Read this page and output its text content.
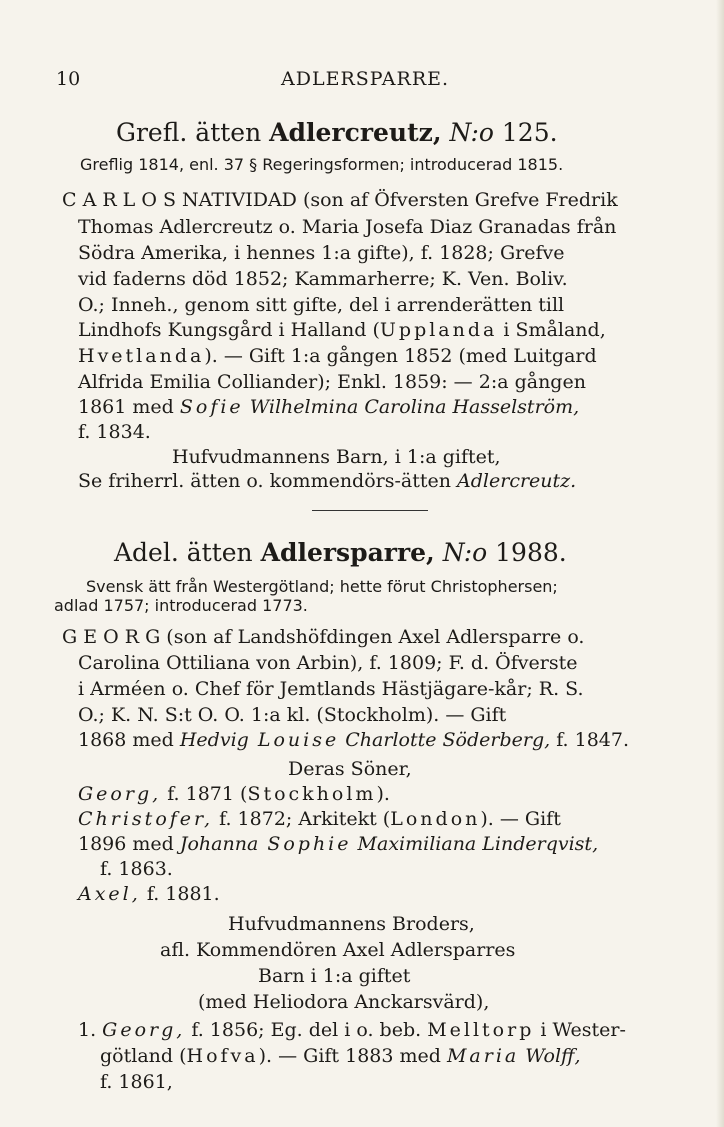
10	ADLERSPARRE.
Grefl. ätten Adlercreutz, N:o 125.
Greflig 1814, enl. 37 § Regeringsformen; introducerad 1815.
C A R L O S NATIVIDAD (son af Öfversten Grefve Fredrik
Thomas Adlercreutz o. Maria Josefa Diaz Granadas från
Södra Amerika, i hennes 1:a gifte), f. 1828; Grefve
vid faderns död 1852; Kammarherre; K. Ven. Boliv.
O.; Inneh., genom sitt gifte, del i arrenderätten till
Lindhofs Kungsgård i Halland (Upplanda i Småland,
Hvetlanda). — Gift 1:a gången 1852 (med Luitgard
Alfrida Emilia Colliander); Enkl. 1859: — 2:a gången
1861 med Sofie Wilhelmina Carolina Hasselström,
f. 1834.
Hufvudmannens Barn, i 1:a giftet,
Se friherrl. ätten o. kommendörs-ätten Adlercreutz.
Adel. ätten Adlersparre, N:o 1988.
Svensk ätt från Westergötland; hette förut Christophersen;
adlad 1757; introducerad 1773.
G E O R G (son af Landshöfdingen Axel Adlersparre o.
Carolina Ottiliana von Arbin), f. 1809; F. d. Öfverste
i Arméen o. Chef för Jemtlands Hästjägare-kår; R. S.
O.; K. N. S:t O. O. 1:a kl. (Stockholm). — Gift
1868 med Hedvig Louise Charlotte Söderberg, f. 1847.
Deras Söner,
Georg, f. 1871 (Stockholm).
Christofer, f. 1872; Arkitekt (London). — Gift
1896 med Johanna Sophie Maximiliana Linderqvist,
f. 1863.
Axel, f. 1881.
Hufvudmannens Broders,
afl. Kommendören Axel Adlersparres
Barn i 1:a giftet
(med Heliodora Anckarsvärd),
1. Georg, f. 1856; Eg. del i o. beb. Melltorp i Wester-
götland (Hofva). — Gift 1883 med Maria Wolff,
f. 1861,
